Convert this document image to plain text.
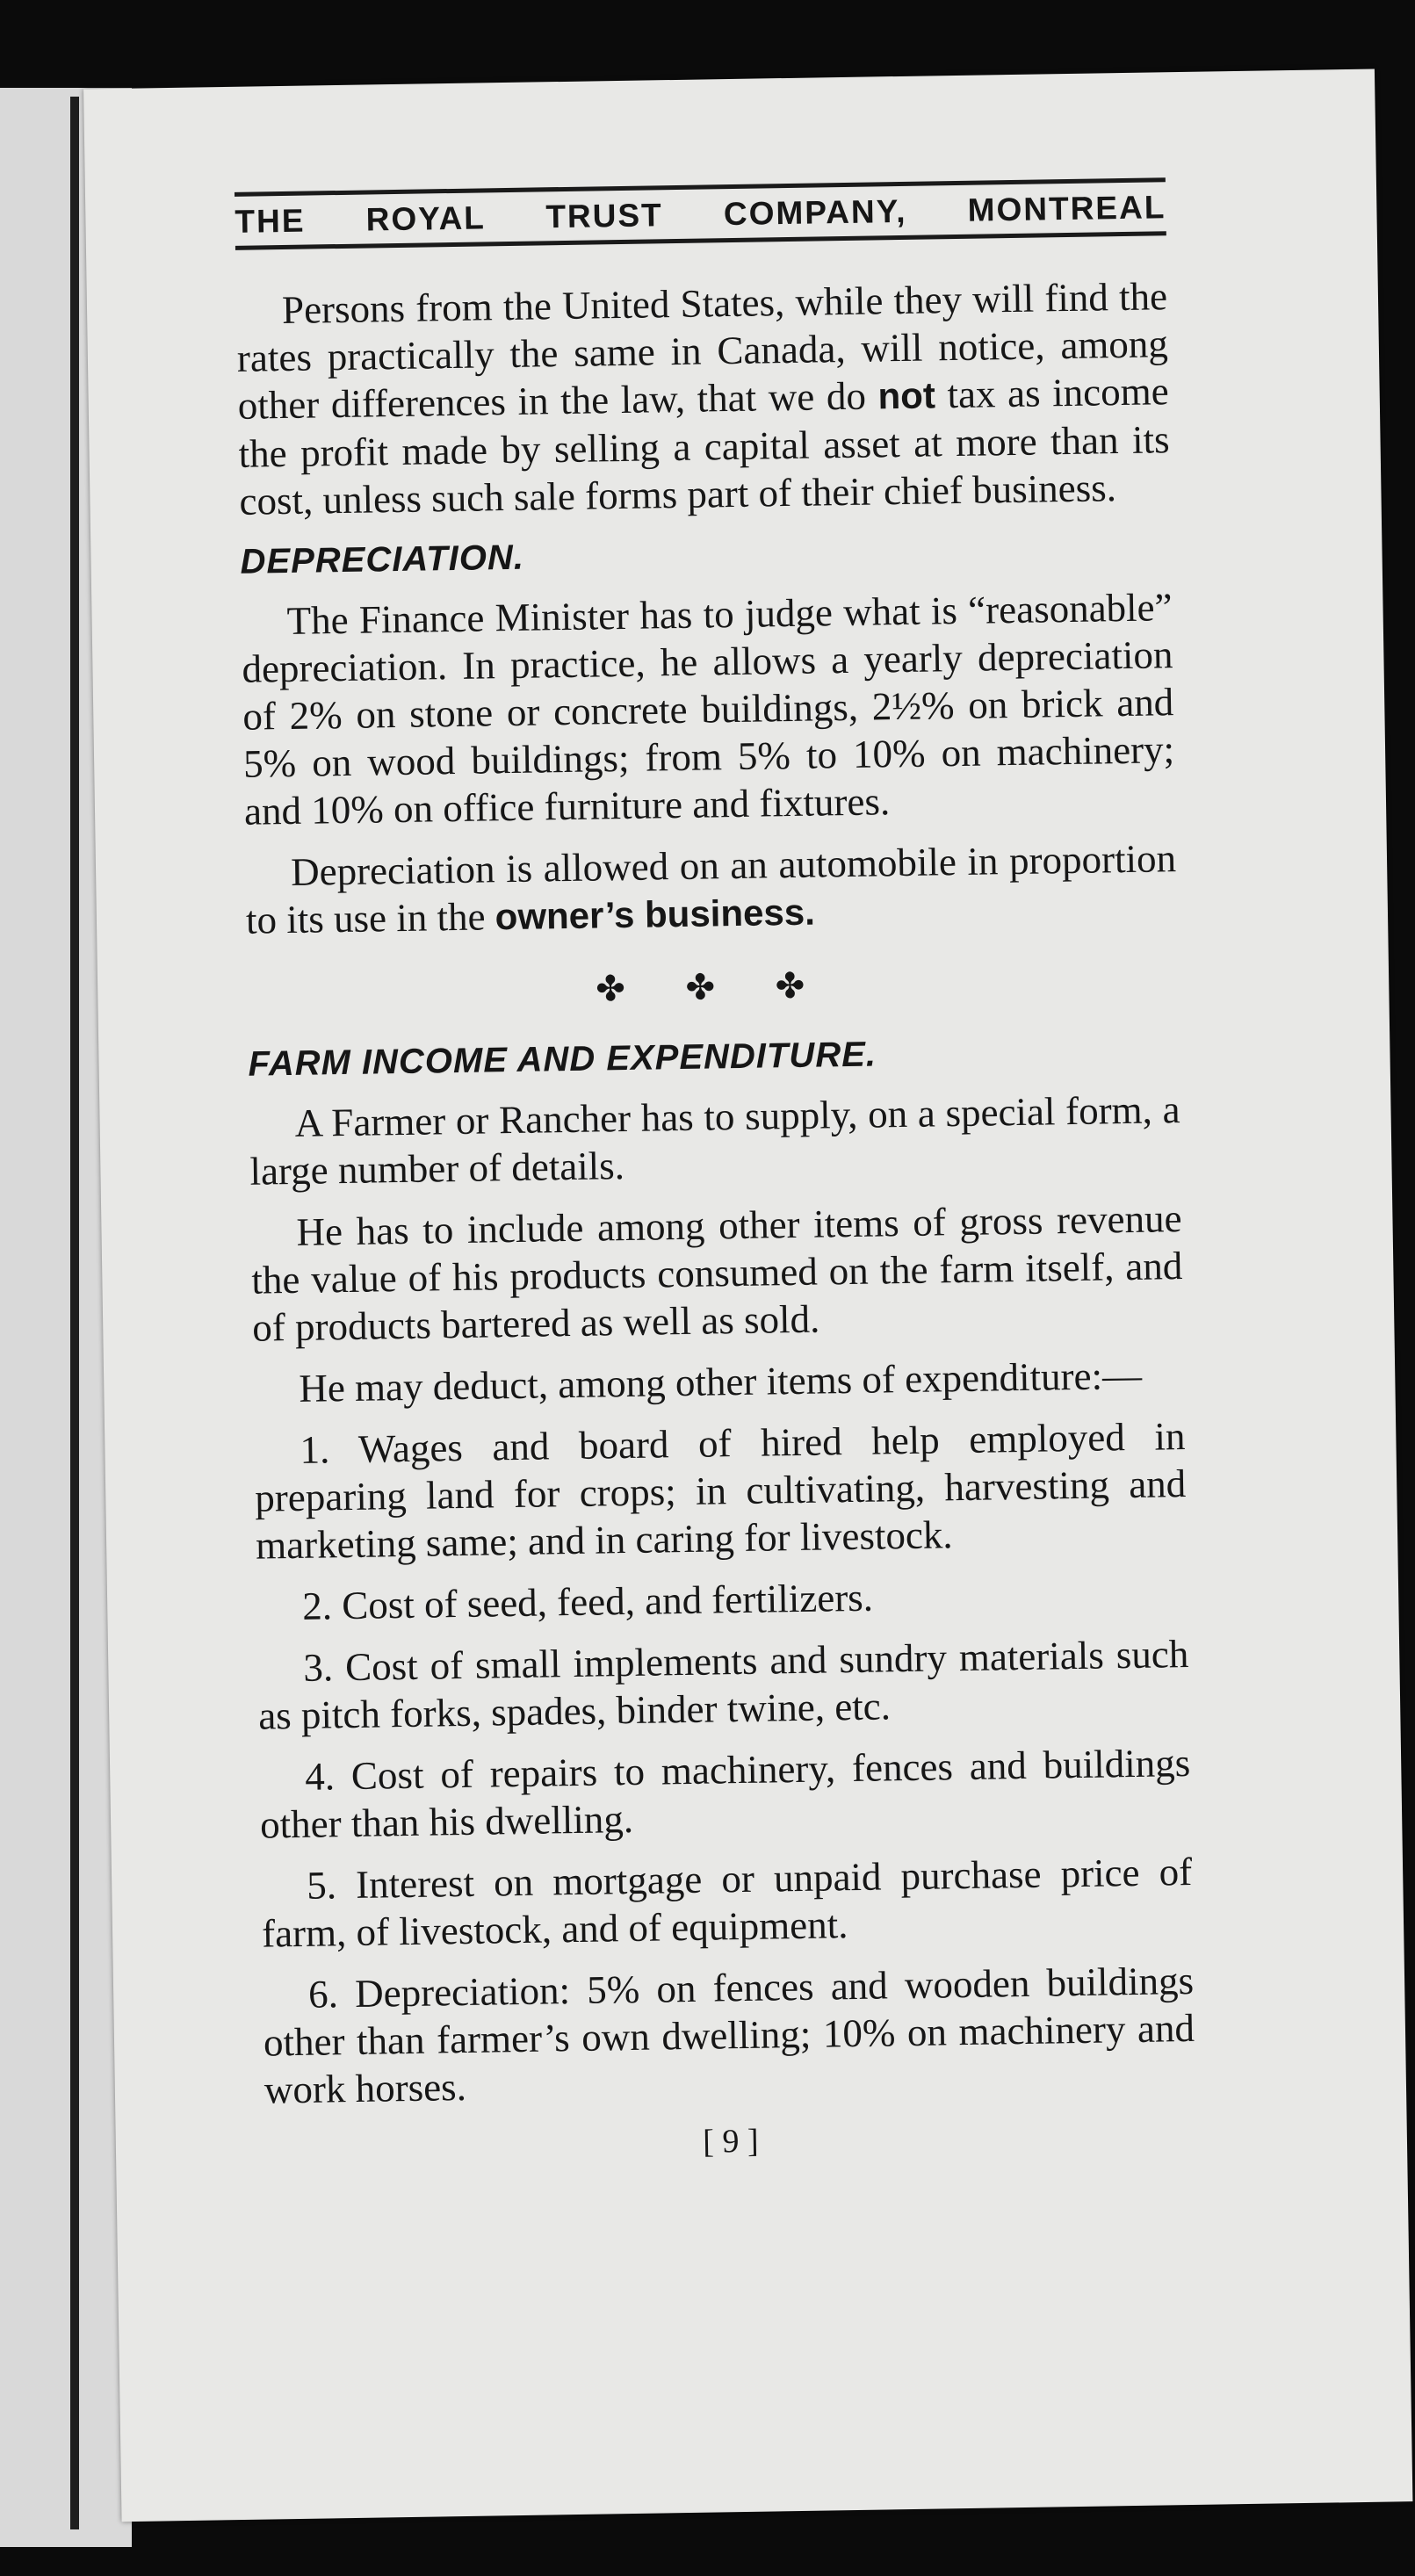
THE ROYAL TRUST COMPANY, MONTREAL

Persons from the United States, while they will find the rates practically the same in Canada, will notice, among other differences in the law, that we do not tax as income the profit made by selling a capital asset at more than its cost, unless such sale forms part of their chief business.

DEPRECIATION.

The Finance Minister has to judge what is “reasonable” depreciation. In practice, he allows a yearly depreciation of 2% on stone or concrete buildings, 2½% on brick and 5% on wood buildings; from 5% to 10% on machinery; and 10% on office furniture and fixtures.

Depreciation is allowed on an automobile in proportion to its use in the owner’s business.

✤ ✤ ✤
FARM INCOME AND EXPENDITURE.

A Farmer or Rancher has to supply, on a special form, a large number of details.

He has to include among other items of gross revenue the value of his products consumed on the farm itself, and of products bartered as well as sold.

He may deduct, among other items of expenditure:—

1. Wages and board of hired help employed in preparing land for crops; in cultivating, harvesting and marketing same; and in caring for livestock.

2. Cost of seed, feed, and fertilizers.

3. Cost of small implements and sundry materials such as pitch forks, spades, binder twine, etc.

4. Cost of repairs to machinery, fences and buildings other than his dwelling.

5. Interest on mortgage or unpaid purchase price of farm, of livestock, and of equipment.

6. Depreciation: 5% on fences and wooden buildings other than farmer’s own dwelling; 10% on machinery and work horses.

[ 9 ]
